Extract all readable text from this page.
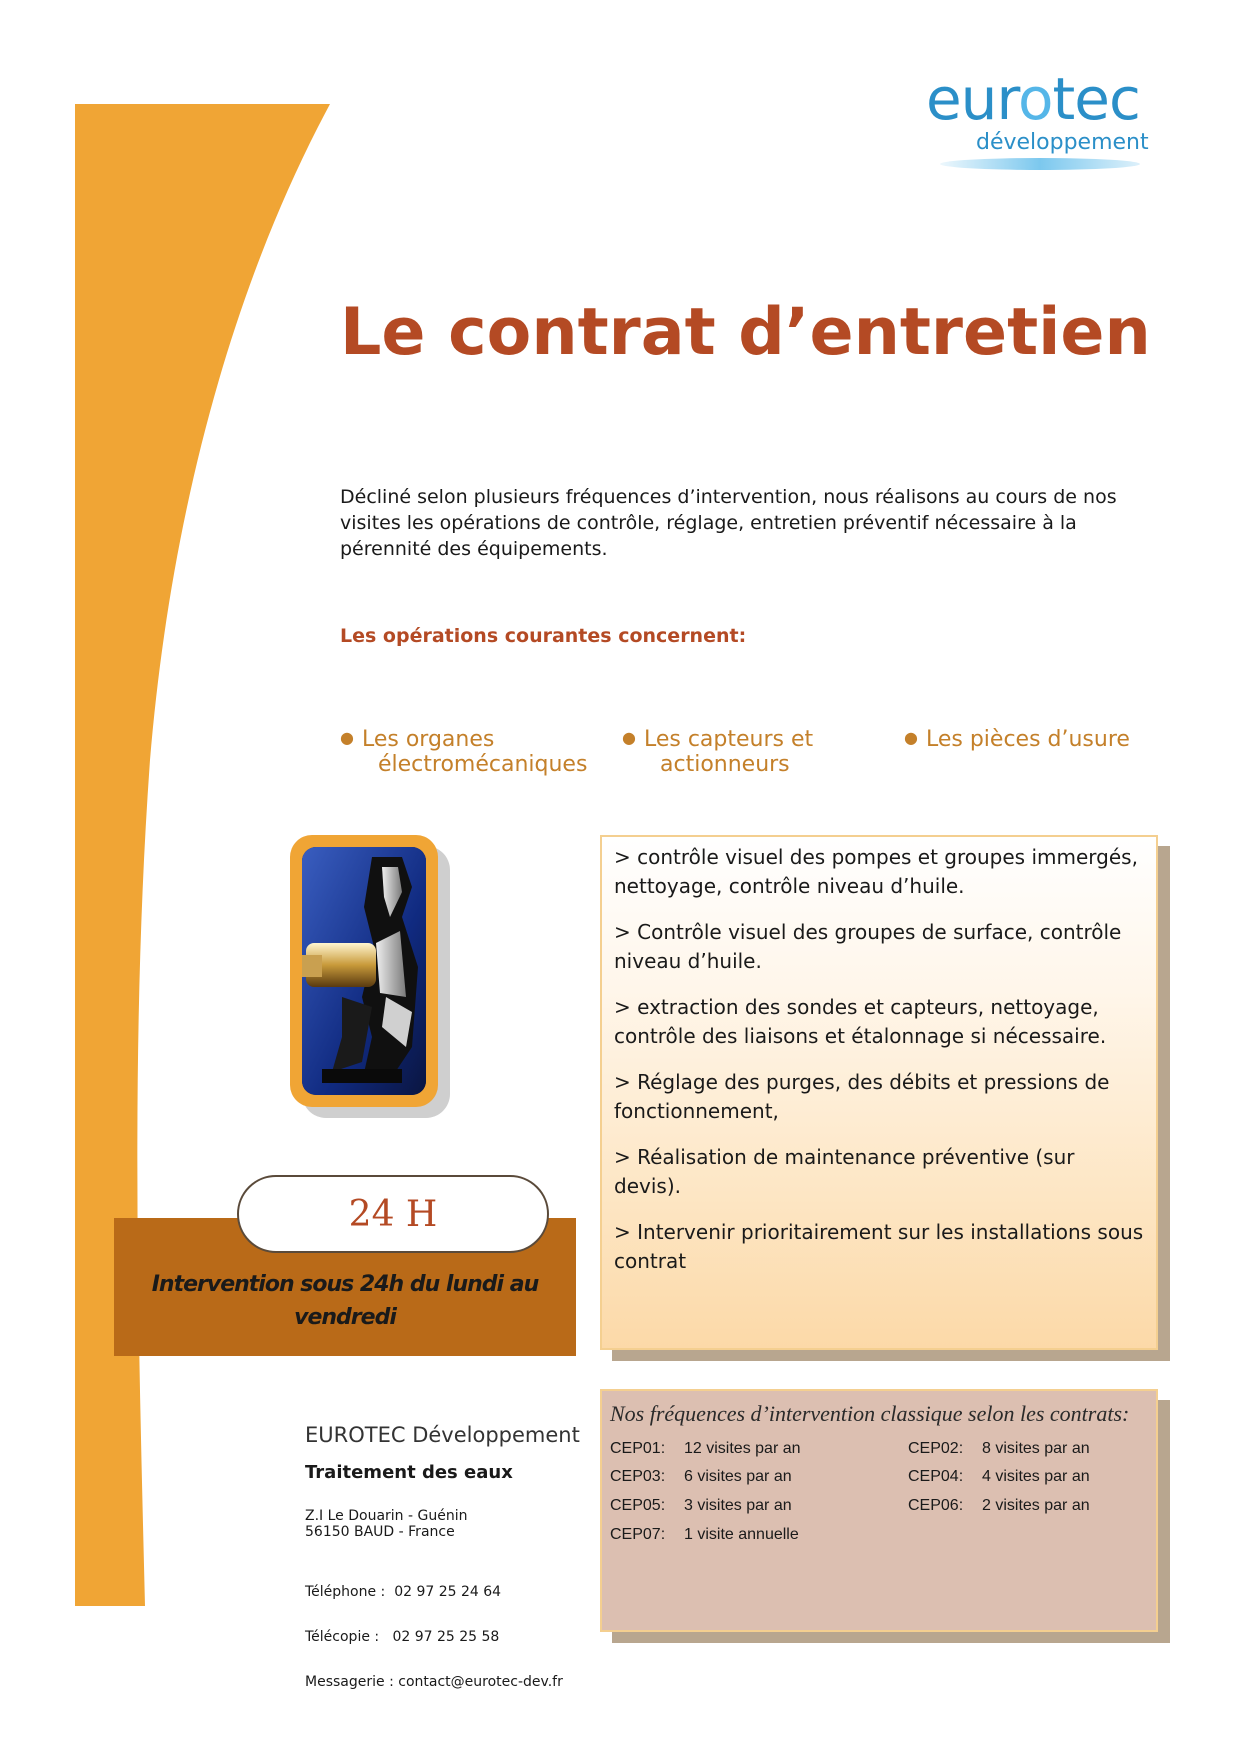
eurotec
développement
Le contrat d’entretien
Décliné selon plusieurs fréquences d’intervention, nous réalisons au cours de nos visites les opérations de contrôle, réglage, entretien préventif nécessaire à la pérennité des équipements.
Les opérations courantes concernent:
● Les organes
électromécaniques
● Les capteurs et
actionneurs
● Les pièces d’usure
24 H
Intervention sous 24h du lundi au vendredi

> contrôle visuel des pompes et groupes immergés, nettoyage, contrôle niveau d’huile.

> Contrôle visuel des groupes de surface, contrôle niveau d’huile.

> extraction des sondes et capteurs, nettoyage, contrôle des liaisons et étalonnage si nécessaire.

> Réglage des purges, des débits et pressions de fonctionnement,

> Réalisation de maintenance préventive (sur devis).

> Intervenir prioritairement sur les installations sous contrat

Nos fréquences d’intervention classique selon les contrats:
CEP01: 12 visites par an	CEP02: 8 visites par an
CEP03: 6 visites par an	CEP04: 4 visites par an
CEP05: 3 visites par an	CEP06: 2 visites par an
CEP07: 1 visite annuelle
EUROTEC Développement
Traitement des eaux
Z.I Le Douarin - Guénin
56150 BAUD - France

Téléphone : 02 97 25 24 64

Télécopie : 02 97 25 25 58

Messagerie : contact@eurotec-dev.fr
